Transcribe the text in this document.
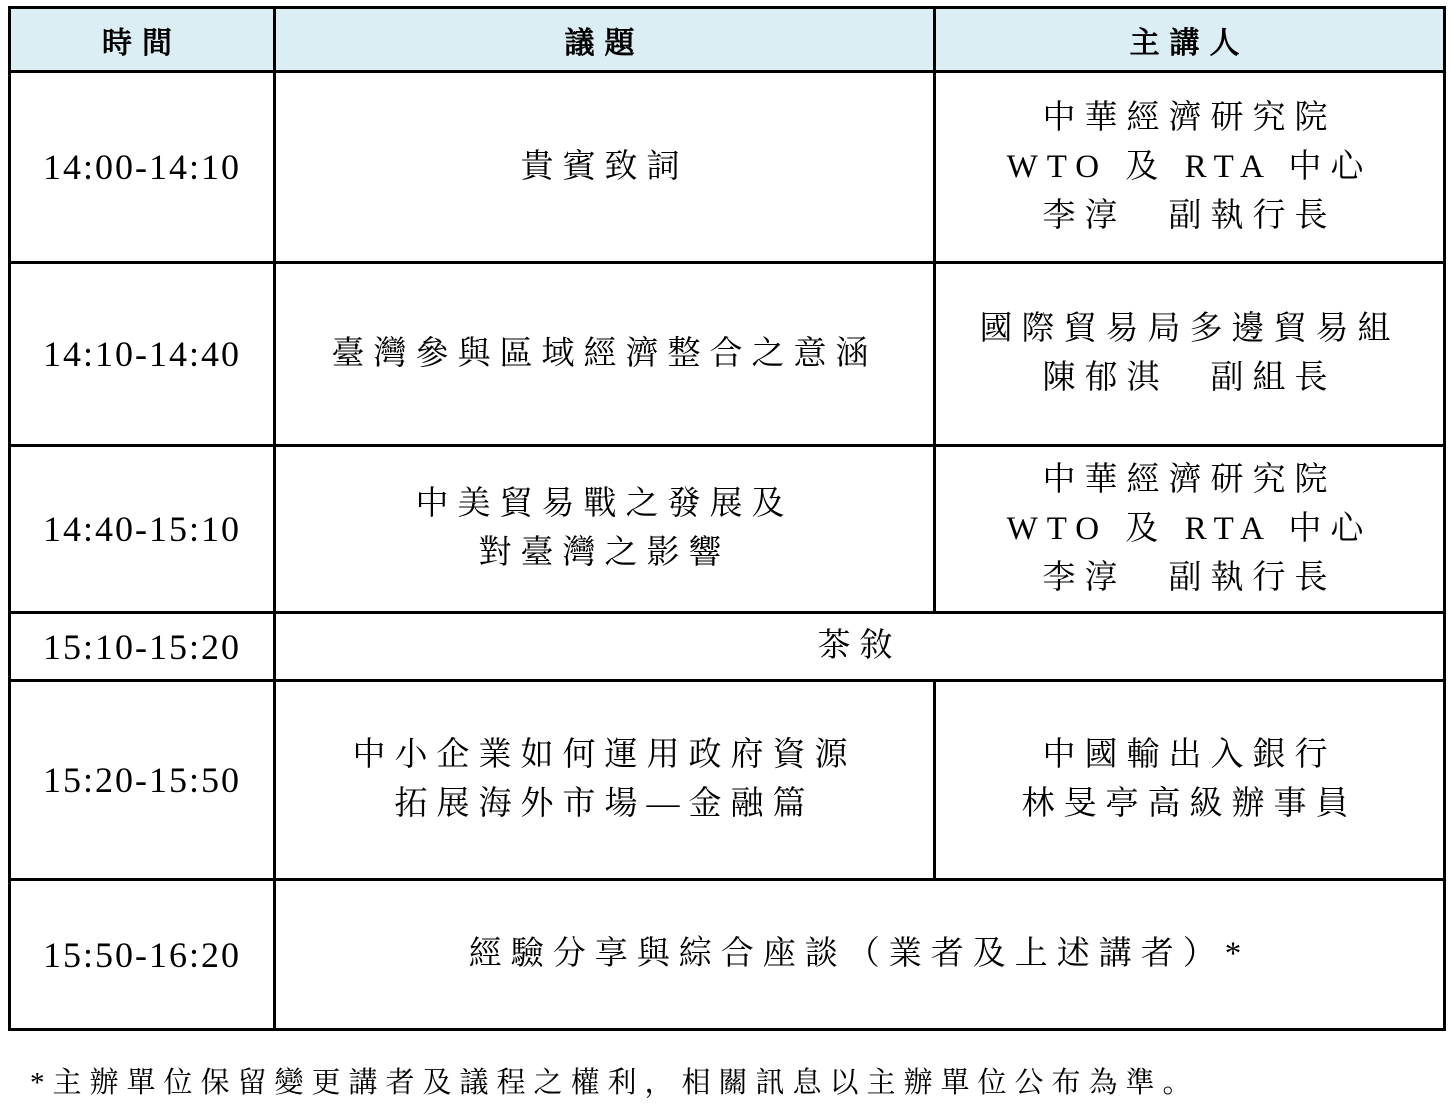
時間	議題	主講人
14:00-14:10	貴賓致詞	中華經濟研究院
WTO 及 RTA 中心
李淳　副執行長

14:10-14:40	臺灣參與區域經濟整合之意涵	國際貿易局多邊貿易組
陳郁淇　副組長

14:40-15:10	中美貿易戰之發展及
對臺灣之影響	中華經濟研究院
WTO 及 RTA 中心
李淳　副執行長

15:10-15:20	茶敘	
15:20-15:50	中小企業如何運用政府資源
拓展海外市場—金融篇	中國輸出入銀行
林旻亭高級辦事員

15:50-16:20	經驗分享與綜合座談（業者及上述講者）*	
*主辦單位保留變更講者及議程之權利，相關訊息以主辦單位公布為準。
